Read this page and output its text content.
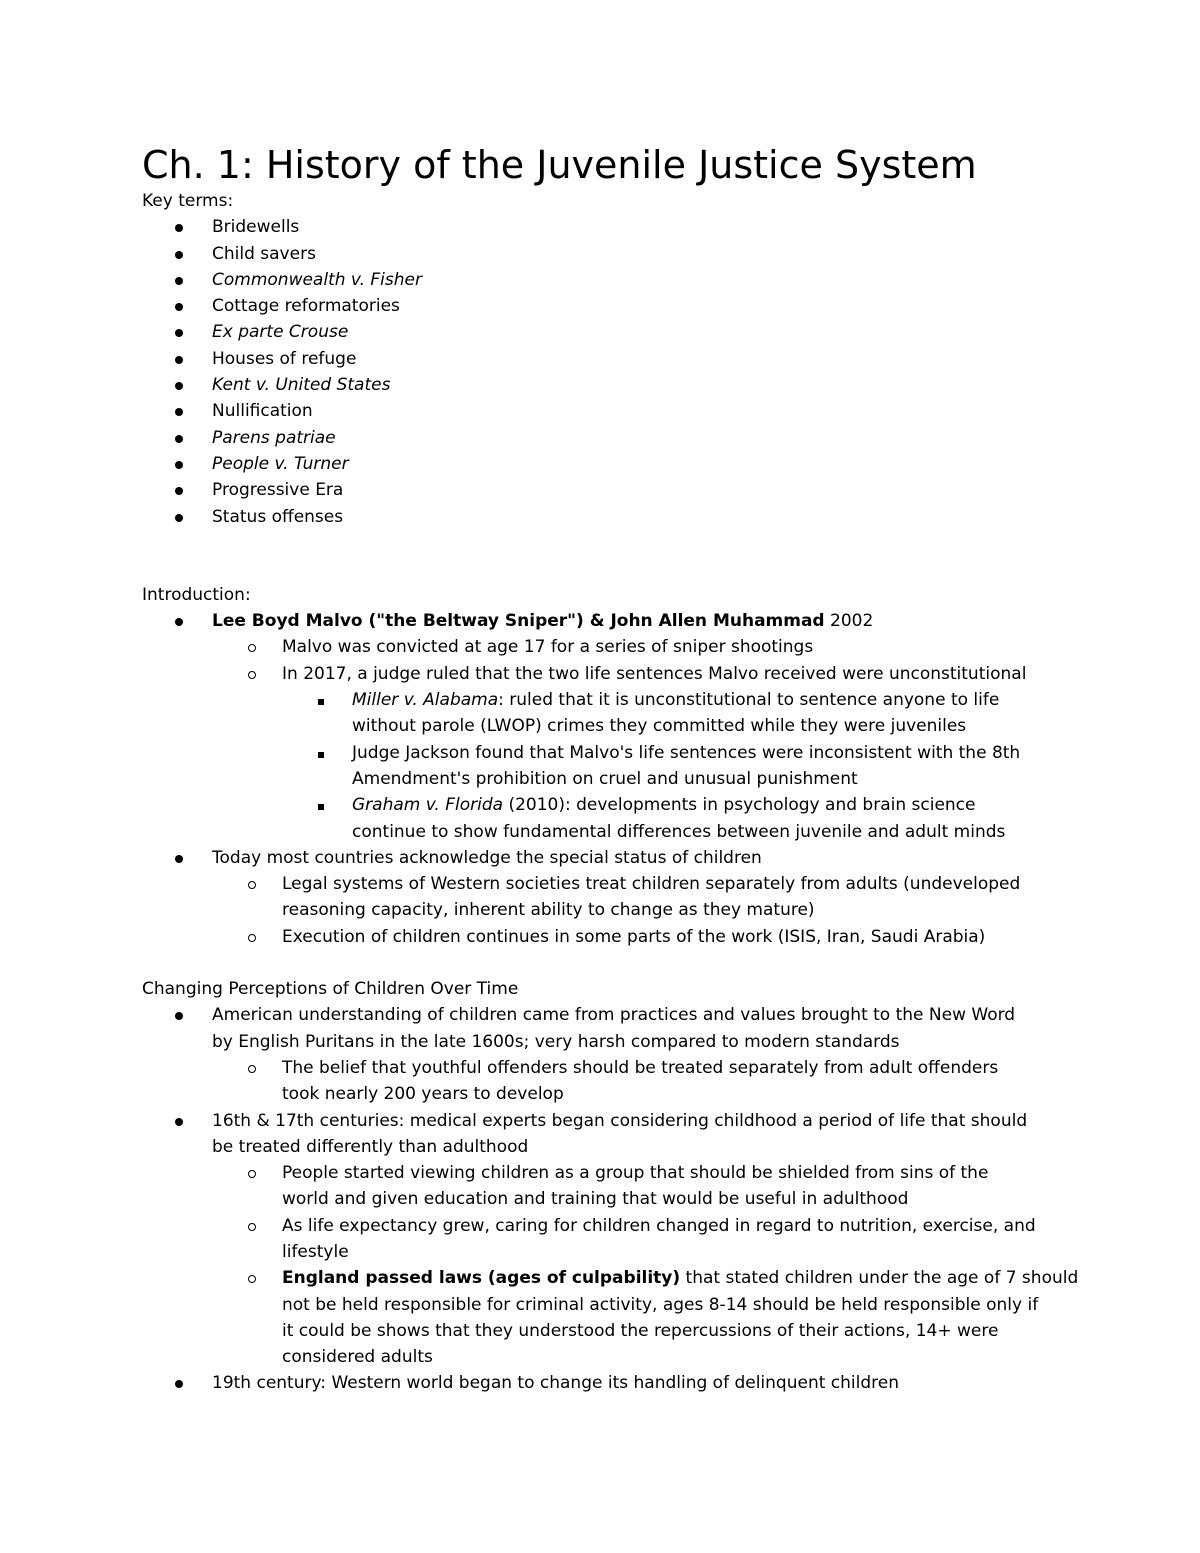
Ch. 1: History of the Juvenile Justice System
Key terms:
Bridewells
Child savers
Commonwealth v. Fisher
Cottage reformatories
Ex parte Crouse
Houses of refuge
Kent v. United States
Nullification
Parens patriae
People v. Turner
Progressive Era
Status offenses
Introduction:
Lee Boyd Malvo ("the Beltway Sniper") & John Allen Muhammad 2002
Malvo was convicted at age 17 for a series of sniper shootings
In 2017, a judge ruled that the two life sentences Malvo received were unconstitutional
Miller v. Alabama: ruled that it is unconstitutional to sentence anyone to life
without parole (LWOP) crimes they committed while they were juveniles
Judge Jackson found that Malvo's life sentences were inconsistent with the 8th
Amendment's prohibition on cruel and unusual punishment
Graham v. Florida (2010): developments in psychology and brain science
continue to show fundamental differences between juvenile and adult minds
Today most countries acknowledge the special status of children
Legal systems of Western societies treat children separately from adults (undeveloped
reasoning capacity, inherent ability to change as they mature)
Execution of children continues in some parts of the work (ISIS, Iran, Saudi Arabia)
Changing Perceptions of Children Over Time
American understanding of children came from practices and values brought to the New Word
by English Puritans in the late 1600s; very harsh compared to modern standards
The belief that youthful offenders should be treated separately from adult offenders
took nearly 200 years to develop
16th & 17th centuries: medical experts began considering childhood a period of life that should
be treated differently than adulthood
People started viewing children as a group that should be shielded from sins of the
world and given education and training that would be useful in adulthood
As life expectancy grew, caring for children changed in regard to nutrition, exercise, and
lifestyle
England passed laws (ages of culpability) that stated children under the age of 7 should
not be held responsible for criminal activity, ages 8-14 should be held responsible only if
it could be shows that they understood the repercussions of their actions, 14+ were
considered adults
19th century: Western world began to change its handling of delinquent children
